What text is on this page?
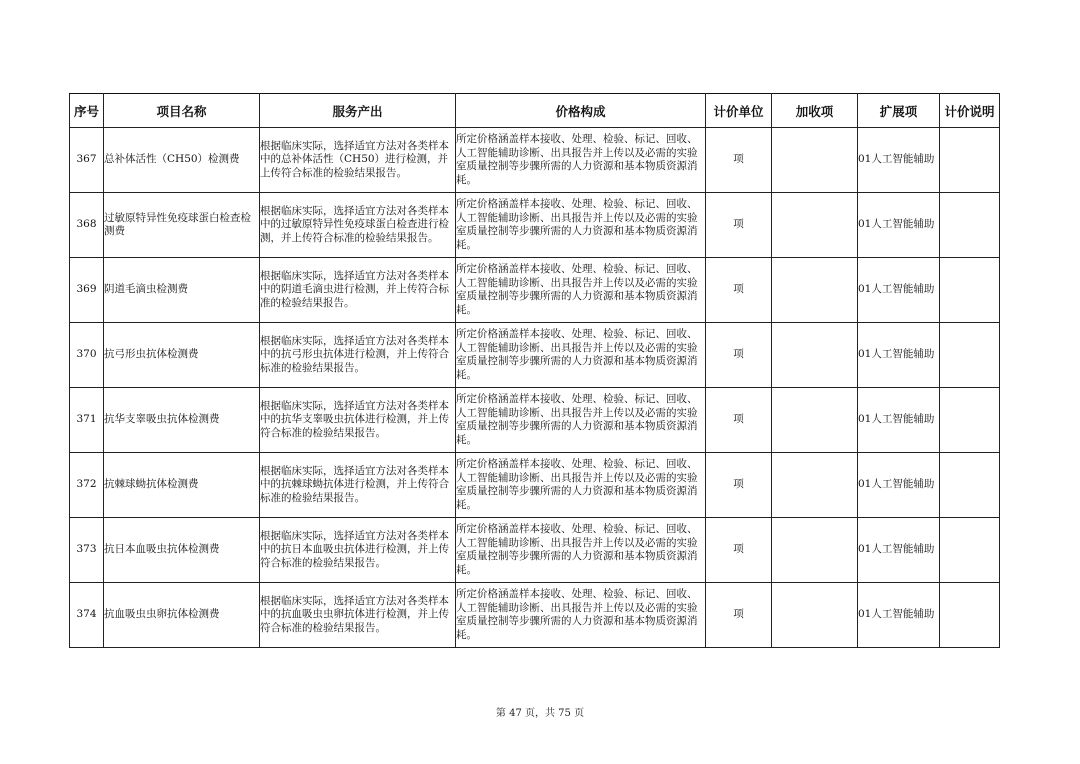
序号	项目名称	服务产出	价格构成	计价单位	加收项	扩展项	计价说明
367	总补体活性（CH50）检测费	根据临床实际，选择适宜方法对各类样本中的总补体活性（CH50）进行检测，并上传符合标准的检验结果报告。	所定价格涵盖样本接收、处理、检验、标记、回收、人工智能辅助诊断、出具报告并上传以及必需的实验室质量控制等步骤所需的人力资源和基本物质资源消耗。	项		01人工智能辅助	
368	过敏原特异性免疫球蛋白检查检测费	根据临床实际，选择适宜方法对各类样本中的过敏原特异性免疫球蛋白检查进行检测，并上传符合标准的检验结果报告。	所定价格涵盖样本接收、处理、检验、标记、回收、人工智能辅助诊断、出具报告并上传以及必需的实验室质量控制等步骤所需的人力资源和基本物质资源消耗。	项		01人工智能辅助	
369	阴道毛滴虫检测费	根据临床实际，选择适宜方法对各类样本中的阴道毛滴虫进行检测，并上传符合标准的检验结果报告。	所定价格涵盖样本接收、处理、检验、标记、回收、人工智能辅助诊断、出具报告并上传以及必需的实验室质量控制等步骤所需的人力资源和基本物质资源消耗。	项		01人工智能辅助	
370	抗弓形虫抗体检测费	根据临床实际，选择适宜方法对各类样本中的抗弓形虫抗体进行检测，并上传符合标准的检验结果报告。	所定价格涵盖样本接收、处理、检验、标记、回收、人工智能辅助诊断、出具报告并上传以及必需的实验室质量控制等步骤所需的人力资源和基本物质资源消耗。	项		01人工智能辅助	
371	抗华支睾吸虫抗体检测费	根据临床实际，选择适宜方法对各类样本中的抗华支睾吸虫抗体进行检测，并上传符合标准的检验结果报告。	所定价格涵盖样本接收、处理、检验、标记、回收、人工智能辅助诊断、出具报告并上传以及必需的实验室质量控制等步骤所需的人力资源和基本物质资源消耗。	项		01人工智能辅助	
372	抗棘球蚴抗体检测费	根据临床实际，选择适宜方法对各类样本中的抗棘球蚴抗体进行检测，并上传符合标准的检验结果报告。	所定价格涵盖样本接收、处理、检验、标记、回收、人工智能辅助诊断、出具报告并上传以及必需的实验室质量控制等步骤所需的人力资源和基本物质资源消耗。	项		01人工智能辅助	
373	抗日本血吸虫抗体检测费	根据临床实际，选择适宜方法对各类样本中的抗日本血吸虫抗体进行检测，并上传符合标准的检验结果报告。	所定价格涵盖样本接收、处理、检验、标记、回收、人工智能辅助诊断、出具报告并上传以及必需的实验室质量控制等步骤所需的人力资源和基本物质资源消耗。	项		01人工智能辅助	
374	抗血吸虫虫卵抗体检测费	根据临床实际，选择适宜方法对各类样本中的抗血吸虫虫卵抗体进行检测，并上传符合标准的检验结果报告。	所定价格涵盖样本接收、处理、检验、标记、回收、人工智能辅助诊断、出具报告并上传以及必需的实验室质量控制等步骤所需的人力资源和基本物质资源消耗。	项		01人工智能辅助	
第 47 页，共 75 页
